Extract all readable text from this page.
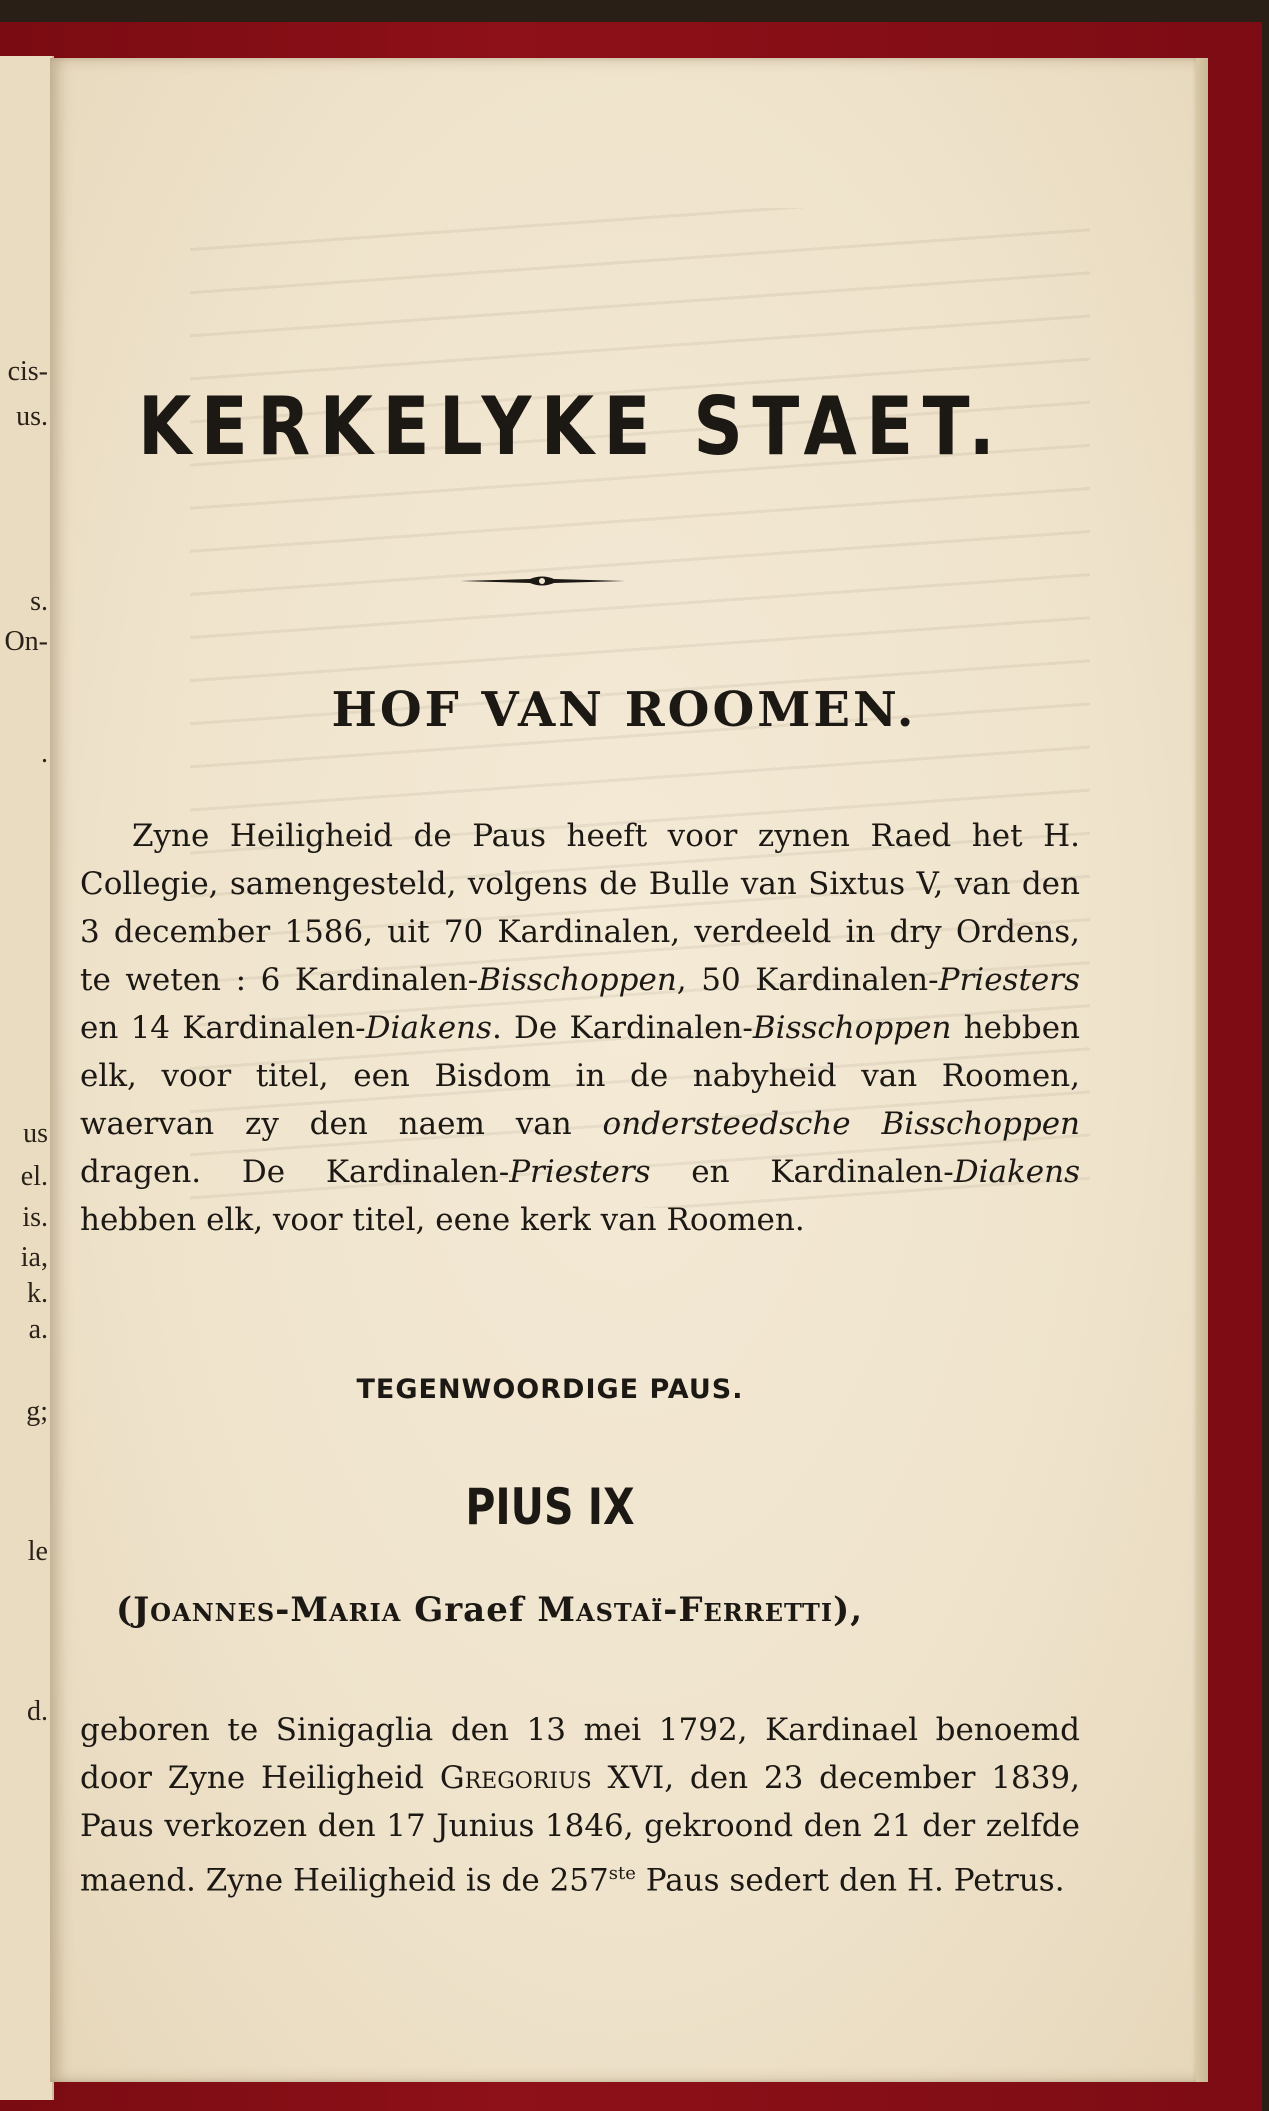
cis-
us.
s.
On-
.
us
el.
is.
ia,
k.
a.
g;
le
d.
KERKELYKE STAET.
HOF VAN ROOMEN.

Zyne Heiligheid de Paus heeft voor zynen Raed het H. Collegie, samengesteld, volgens de Bulle van Sixtus V, van den 3 december 1586, uit 70 Kardinalen, verdeeld in dry Ordens, te weten : 6 Kardinalen-Bisschoppen, 50 Kardinalen-Priesters en 14 Kardinalen-Diakens. De Kardinalen-Bisschoppen hebben elk, voor titel, een Bisdom in de nabyheid van Roomen, waervan zy den naem van ondersteedsche Bisschoppen dragen. De Kardinalen-Priesters en Kardinalen-Diakens hebben elk, voor titel, eene kerk van Roomen.

TEGENWOORDIGE PAUS.
PIUS IX
(Joannes-Maria Graef Mastaï-Ferretti),

geboren te Sinigaglia den 13 mei 1792, Kardinael benoemd door Zyne Heiligheid Gregorius XVI, den 23 december 1839, Paus verkozen den 17 Junius 1846, gekroond den 21 der zelfde maend. Zyne Heiligheid is de 257ste Paus sedert den H. Petrus.
